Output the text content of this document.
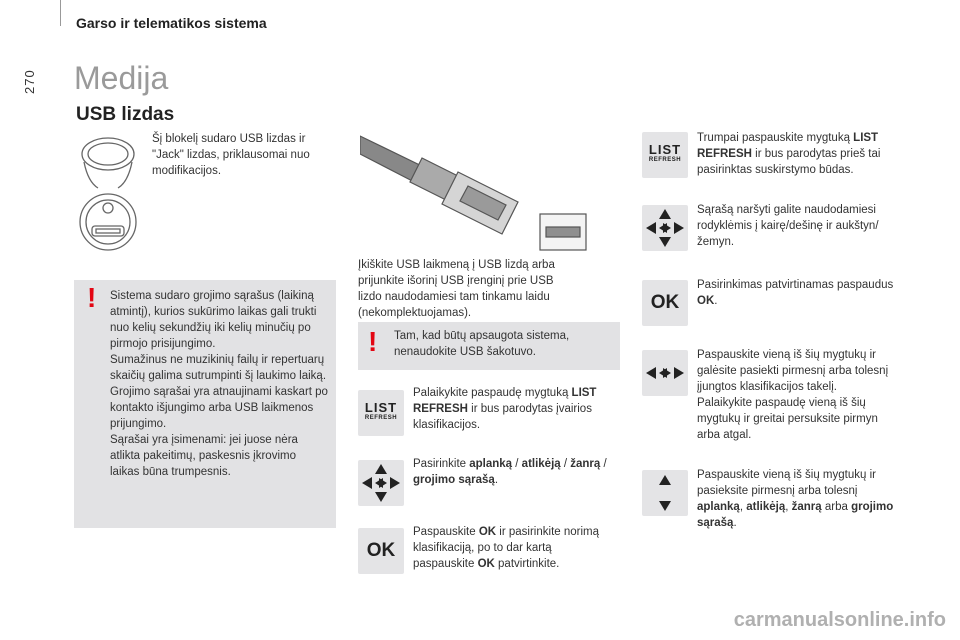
270
Garso ir telematikos sistema
Medija
USB lizdas
Šį blokelį sudaro USB lizdas ir "Jack" lizdas, priklausomai nuo modifikacijos.
! Sistema sudaro grojimo sąrašus (laikiną atmintį), kurios sukūrimo laikas gali trukti nuo kelių sekundžių iki kelių minučių po pirmojo prisijungimo.
Sumažinus ne muzikinių failų ir repertuarų skaičių galima sutrumpinti šį laukimo laiką. Grojimo sąrašai yra atnaujinami kaskart po kontakto išjungimo arba USB laikmenos prijungimo.
Sąrašai yra įsimenami: jei juose nėra atlikta pakeitimų, paskesnis įkrovimo laikas būna trumpesnis.
Įkiškite USB laikmeną į USB lizdą arba prijunkite išorinį USB įrenginį prie USB lizdo naudodamiesi tam tinkamu laidu (nekomplektuojamas).
! Tam, kad būtų apsaugota sistema, nenaudokite USB šakotuvo.
LIST
REFRESH
Palaikykite paspaudę mygtuką LIST REFRESH ir bus parodytas įvairios klasifikacijos.
Pasirinkite aplanką / atlikėją / žanrą / grojimo sąrašą.
OK
Paspauskite OK ir pasirinkite norimą klasifikaciją, po to dar kartą paspauskite OK patvirtinkite.
LIST
REFRESH
Trumpai paspauskite mygtuką LIST REFRESH ir bus parodytas prieš tai pasirinktas suskirstymo būdas.
Sąrašą naršyti galite naudodamiesi rodyklėmis į kairę/dešinę ir aukštyn/žemyn.
OK
Pasirinkimas patvirtinamas paspaudus OK.
Paspauskite vieną iš šių mygtukų ir galėsite pasiekti pirmesnį arba tolesnį įjungtos klasifikacijos takelį.
Palaikykite paspaudę vieną iš šių mygtukų ir greitai persuksite pirmyn arba atgal.
Paspauskite vieną iš šių mygtukų ir pasieksite pirmesnį arba tolesnį aplanką, atlikėją, žanrą arba grojimo sąrašą.
carmanualsonline.info
